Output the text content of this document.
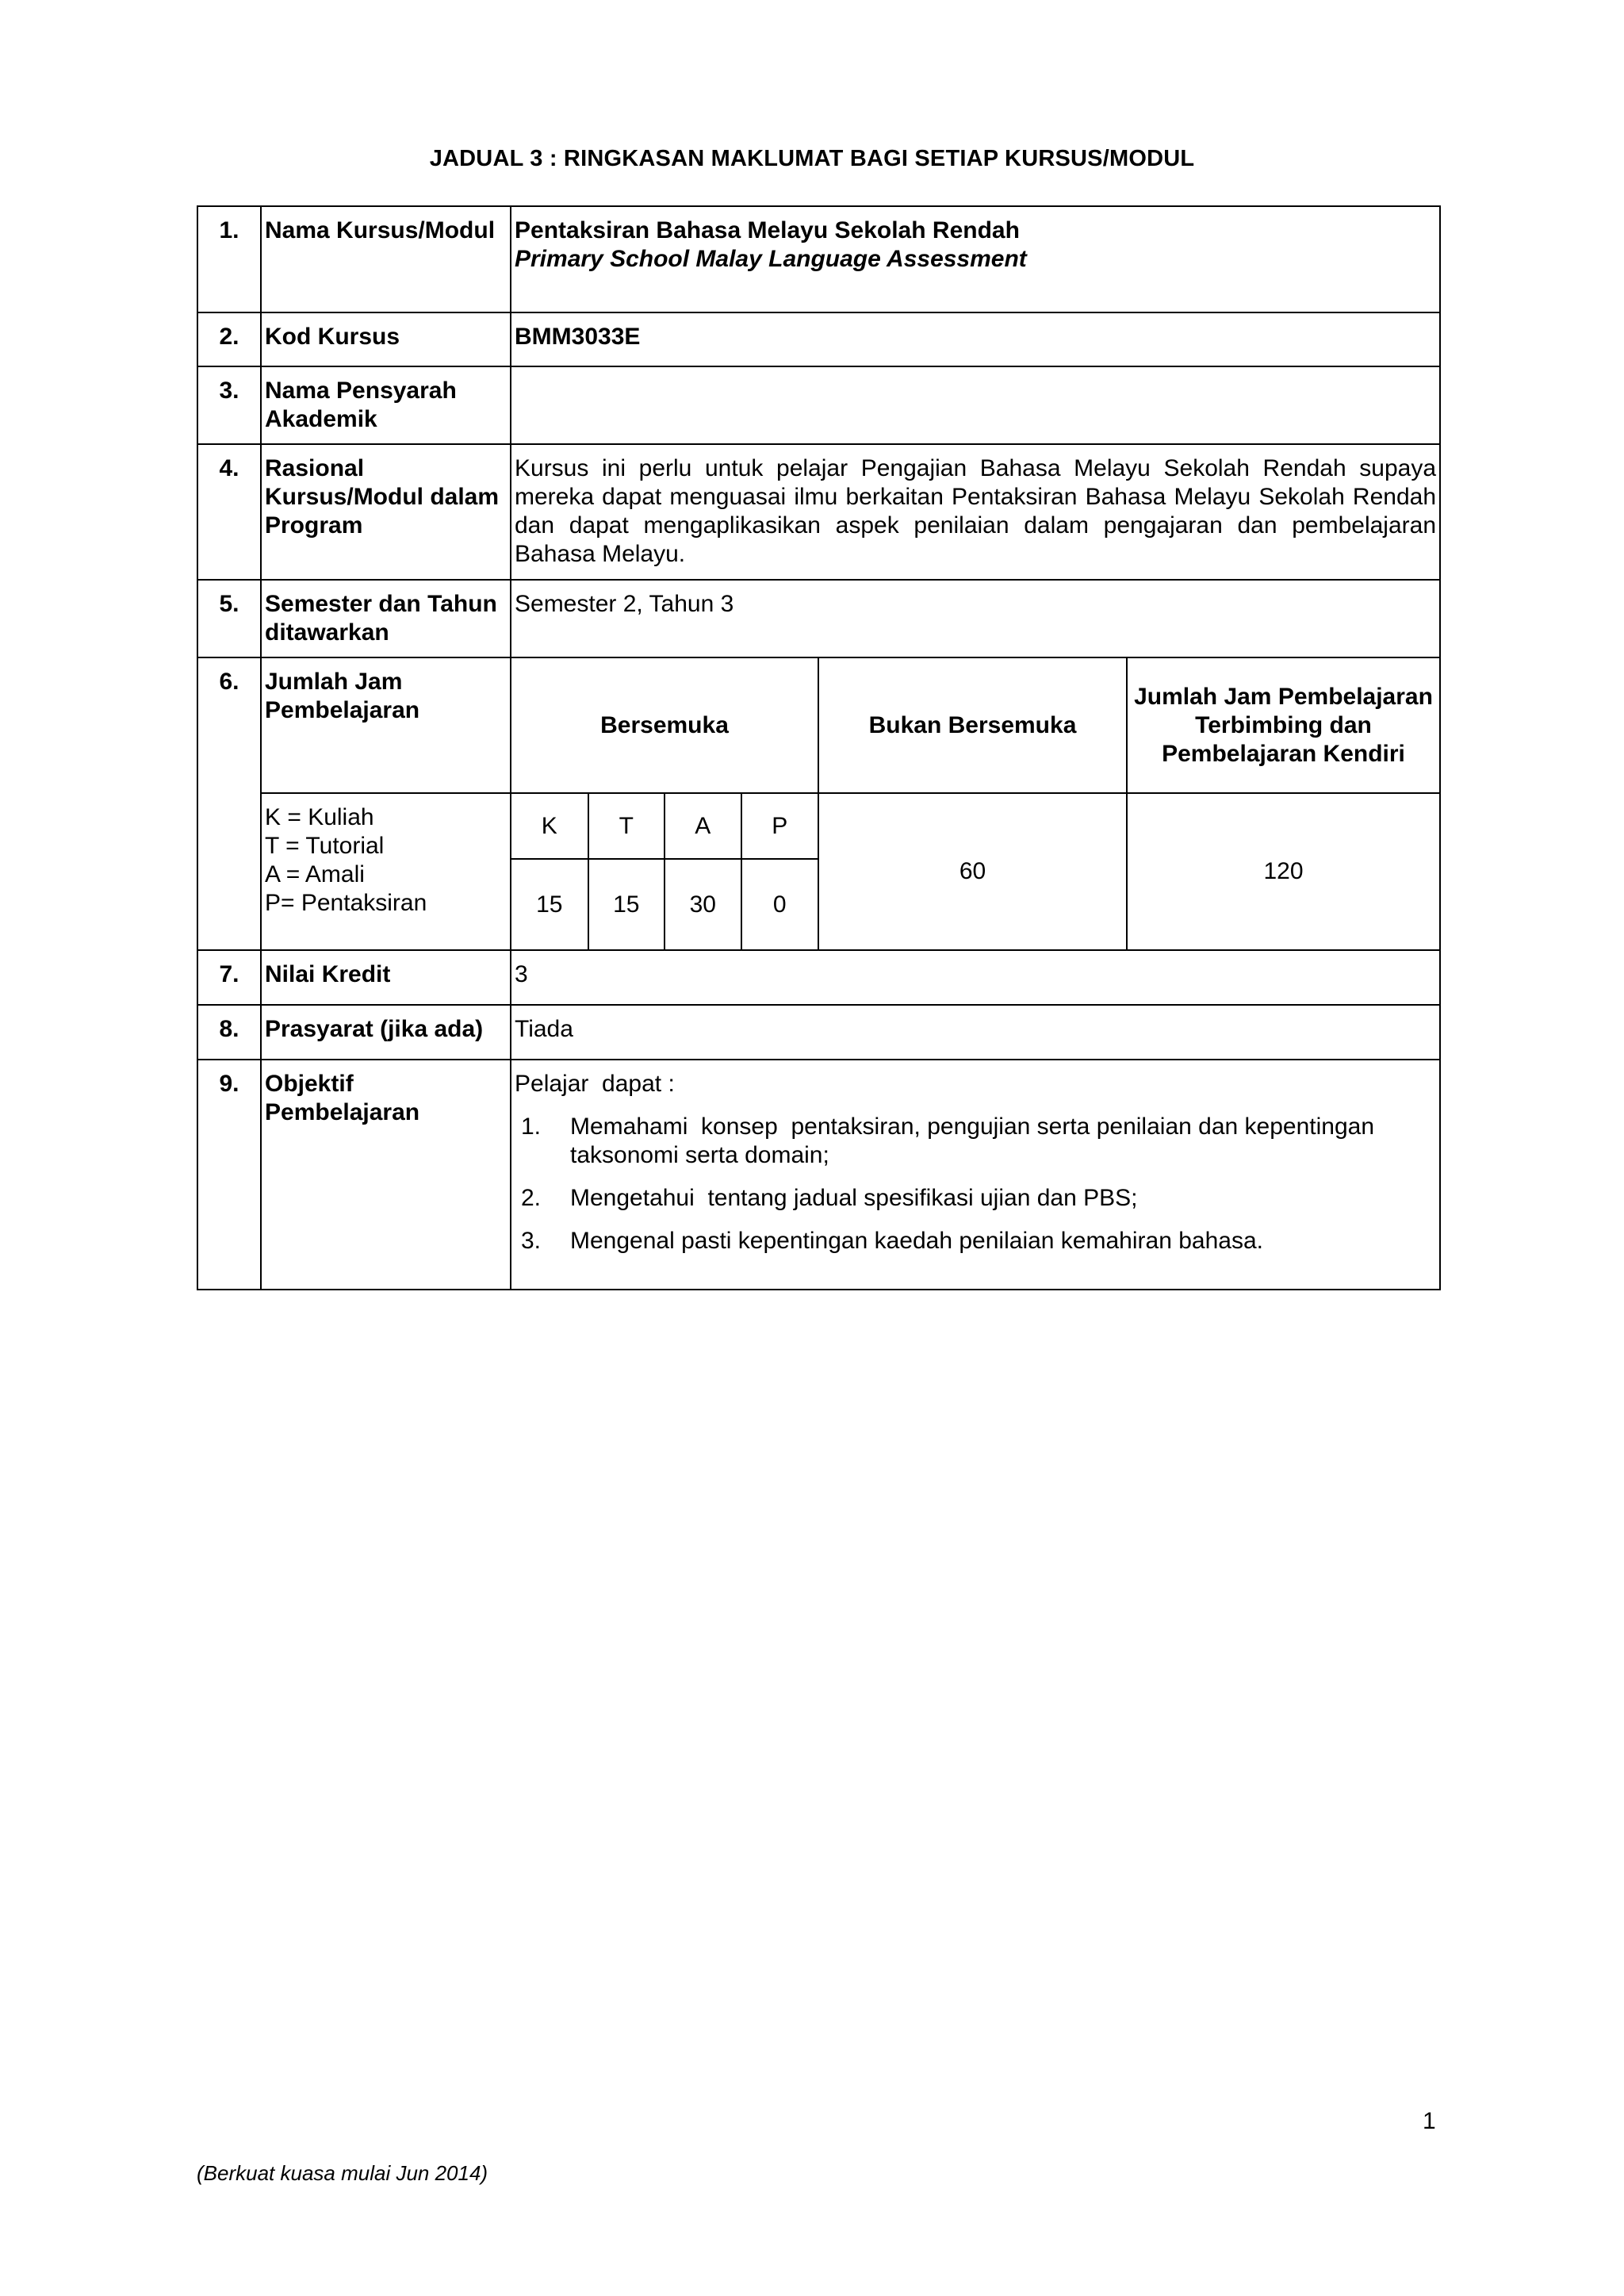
JADUAL 3 : RINGKASAN MAKLUMAT BAGI SETIAP KURSUS/MODUL
1.	Nama Kursus/Modul	Pentaksiran Bahasa Melayu Sekolah Rendah
Primary School Malay Language Assessment

2.	Kod Kursus	BMM3033E
3.	Nama Pensyarah Akademik	
4.	Rasional Kursus/Modul dalam Program	Kursus ini perlu untuk pelajar Pengajian Bahasa Melayu Sekolah Rendah supaya mereka dapat menguasai ilmu berkaitan Pentaksiran Bahasa Melayu Sekolah Rendah dan dapat mengaplikasikan aspek penilaian dalam pengajaran dan pembelajaran Bahasa Melayu.
5.	Semester dan Tahun ditawarkan	Semester 2, Tahun 3
6.	Jumlah Jam Pembelajaran	Bersemuka	Bukan Bersemuka	Jumlah Jam Pembelajaran Terbimbing dan Pembelajaran Kendiri

K = Kuliah
T = Tutorial
A = Amali
P= Pentaksiran

K	T	A	P
15	15	30	0
	60	120
7.	Nilai Kredit	3
8.	Prasyarat (jika ada)	Tiada
9.	Objektif Pembelajaran	
Pelajar  dapat :
1.	Memahami  konsep  pentaksiran, pengujian serta penilaian dan kepentingan taksonomi serta domain;
2.	Mengetahui  tentang jadual spesifikasi ujian dan PBS;
3.	Mengenal pasti kepentingan kaedah penilaian kemahiran bahasa.
1
(Berkuat kuasa mulai Jun 2014)
